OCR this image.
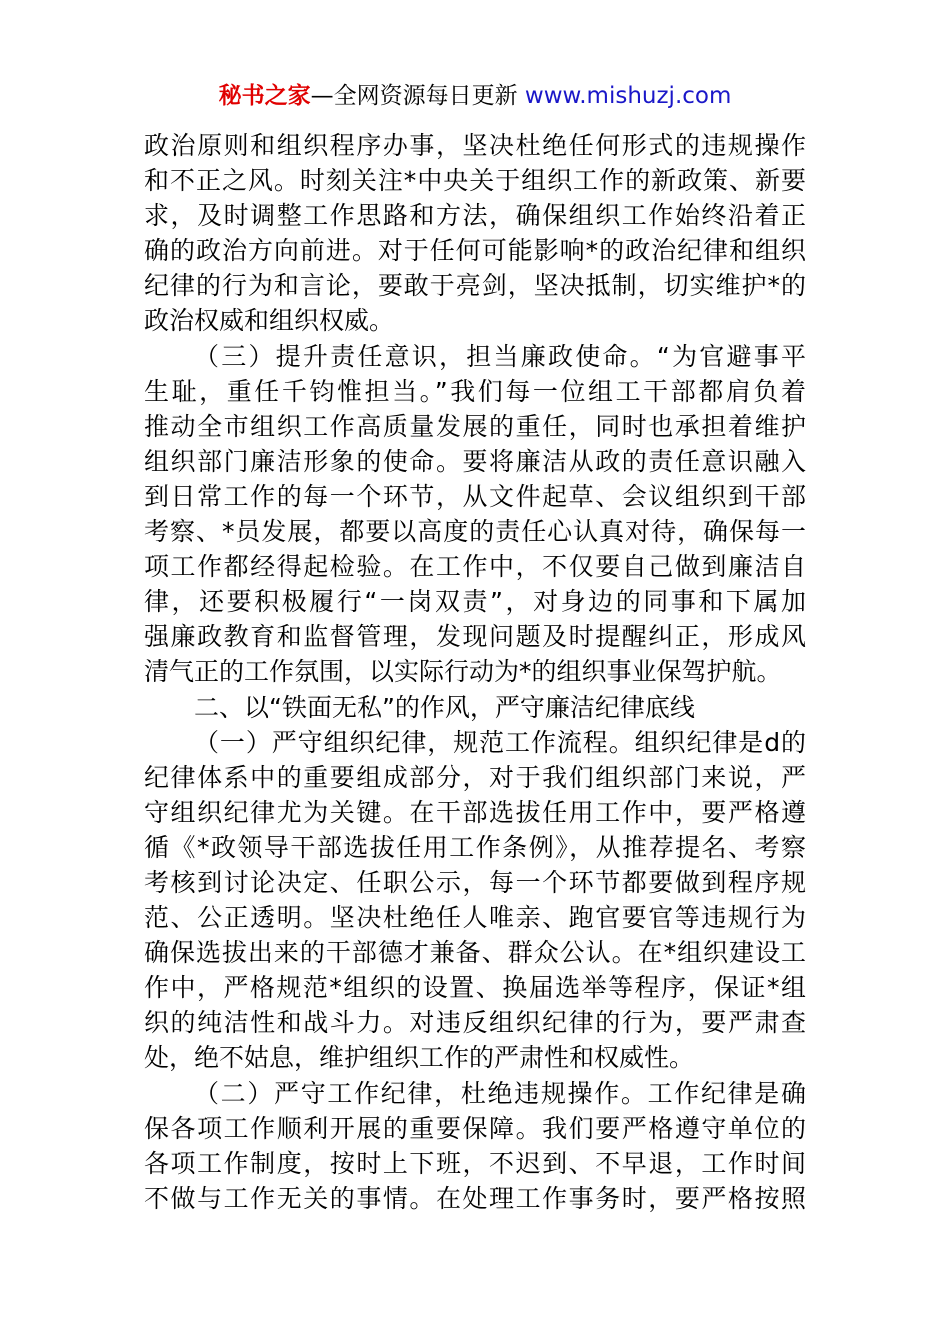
秘书之家—全网资源每日更新 www.mishuzj.com
政治原则和组织程序办事，坚决杜绝任何形式的违规操作
和不正之风。时刻关注*中央关于组织工作的新政策、新要
求，及时调整工作思路和方法，确保组织工作始终沿着正
确的政治方向前进。对于任何可能影响*的政治纪律和组织
纪律的行为和言论，要敢于亮剑，坚决抵制，切实维护*的
政治权威和组织权威。
（三）提升责任意识，担当廉政使命。“为官避事平
生耻，重任千钧惟担当。”我们每一位组工干部都肩负着
推动全市组织工作高质量发展的重任，同时也承担着维护
组织部门廉洁形象的使命。要将廉洁从政的责任意识融入
到日常工作的每一个环节，从文件起草、会议组织到干部
考察、*员发展，都要以高度的责任心认真对待，确保每一
项工作都经得起检验。在工作中，不仅要自己做到廉洁自
律，还要积极履行“一岗双责”，对身边的同事和下属加
强廉政教育和监督管理，发现问题及时提醒纠正，形成风
清气正的工作氛围，以实际行动为*的组织事业保驾护航。
二、以“铁面无私”的作风，严守廉洁纪律底线
（一）严守组织纪律，规范工作流程。组织纪律是d的
纪律体系中的重要组成部分，对于我们组织部门来说，严
守组织纪律尤为关键。在干部选拔任用工作中，要严格遵
循《*政领导干部选拔任用工作条例》，从推荐提名、考察
考核到讨论决定、任职公示，每一个环节都要做到程序规
范、公正透明。坚决杜绝任人唯亲、跑官要官等违规行为
确保选拔出来的干部德才兼备、群众公认。在*组织建设工
作中，严格规范*组织的设置、换届选举等程序，保证*组
织的纯洁性和战斗力。对违反组织纪律的行为，要严肃查
处，绝不姑息，维护组织工作的严肃性和权威性。
（二）严守工作纪律，杜绝违规操作。工作纪律是确
保各项工作顺利开展的重要保障。我们要严格遵守单位的
各项工作制度，按时上下班，不迟到、不早退，工作时间
不做与工作无关的事情。在处理工作事务时，要严格按照
